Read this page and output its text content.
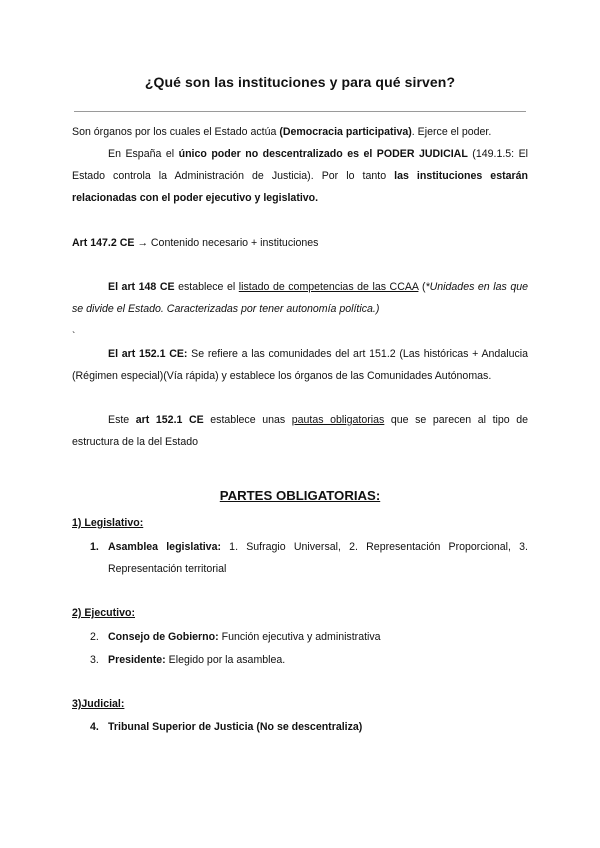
¿Qué son las instituciones y para qué sirven?
Son órganos por los cuales el Estado actúa (Democracia participativa). Ejerce el poder.
En España el único poder no descentralizado es el PODER JUDICIAL (149.1.5: El
Estado controla la Administración de Justicia). Por lo tanto las instituciones estarán
relacionadas con el poder ejecutivo y legislativo.
Art 147.2 CE → Contenido necesario + instituciones
El art 148 CE establece el listado de competencias de las CCAA (*Unidades en las que
se divide el Estado. Caracterizadas por tener autonomía política.)
`
El art 152.1 CE: Se refiere a las comunidades del art 151.2 (Las históricas + Andalucia
(Régimen especial)(Vía rápida) y establece los órganos de las Comunidades Autónomas.
Este art 152.1 CE establece unas pautas obligatorias que se parecen al tipo de
estructura de la del Estado
PARTES OBLIGATORIAS:
1) Legislativo:
1. Asamblea legislativa: 1. Sufragio Universal, 2. Representación Proporcional, 3.
Representación territorial
2) Ejecutivo:
2. Consejo de Gobierno: Función ejecutiva y administrativa
3. Presidente: Elegido por la asamblea.
3)Judicial:
4. Tribunal Superior de Justicia (No se descentraliza)
